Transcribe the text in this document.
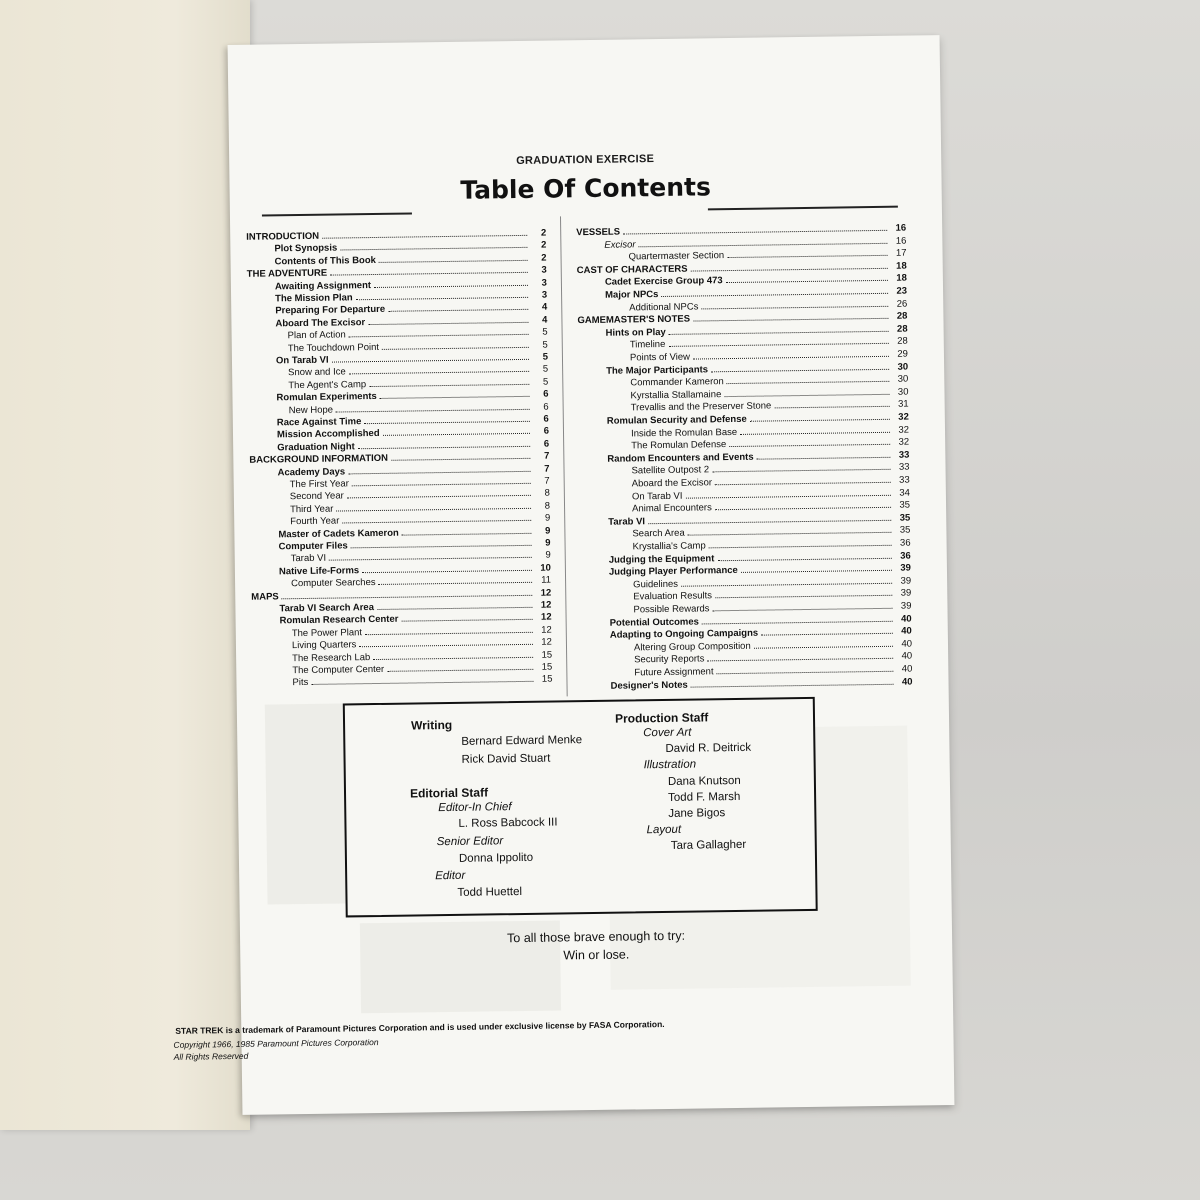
GRADUATION EXERCISE
Table Of Contents
INTRODUCTION	2
Plot Synopsis	2
Contents of This Book	2
THE ADVENTURE	3
Awaiting Assignment	3
The Mission Plan	3
Preparing For Departure	4
Aboard The Excisor	4
Plan of Action	5
The Touchdown Point	5
On Tarab VI	5
Snow and Ice	5
The Agent's Camp	5
Romulan Experiments	6
New Hope	6
Race Against Time	6
Mission Accomplished	6
Graduation Night	6
BACKGROUND INFORMATION	7
Academy Days	7
The First Year	7
Second Year	8
Third Year	8
Fourth Year	9
Master of Cadets Kameron	9
Computer Files	9
Tarab VI	9
Native Life-Forms	10
Computer Searches	11
MAPS	12
Tarab VI Search Area	12
Romulan Research Center	12
The Power Plant	12
Living Quarters	12
The Research Lab	15
The Computer Center	15
Pits	15
VESSELS	16
Excisor	16
Quartermaster Section	17
CAST OF CHARACTERS	18
Cadet Exercise Group 473	18
Major NPCs	23
Additional NPCs	26
GAMEMASTER'S NOTES	28
Hints on Play	28
Timeline	28
Points of View	29
The Major Participants	30
Commander Kameron	30
Kyrstallia Stallamaine	30
Trevallis and the Preserver Stone	31
Romulan Security and Defense	32
Inside the Romulan Base	32
The Romulan Defense	32
Random Encounters and Events	33
Satellite Outpost 2	33
Aboard the Excisor	33
On Tarab VI	34
Animal Encounters	35
Tarab VI	35
Search Area	35
Krystallia's Camp	36
Judging the Equipment	36
Judging Player Performance	39
Guidelines	39
Evaluation Results	39
Possible Rewards	39
Potential Outcomes	40
Adapting to Ongoing Campaigns	40
Altering Group Composition	40
Security Reports	40
Future Assignment	40
Designer's Notes	40
Writing
Bernard Edward Menke
Rick David Stuart
Editorial Staff
Editor-In Chief
L. Ross Babcock III
Senior Editor
Donna Ippolito
Editor
Todd Huettel
Production Staff
Cover Art
David R. Deitrick
Illustration
Dana Knutson
Todd F. Marsh
Jane Bigos
Layout
Tara Gallagher
To all those brave enough to try:
Win or lose.
STAR TREK is a trademark of Paramount Pictures Corporation and is used under exclusive license by FASA Corporation.
Copyright 1966, 1985 Paramount Pictures Corporation
All Rights Reserved
